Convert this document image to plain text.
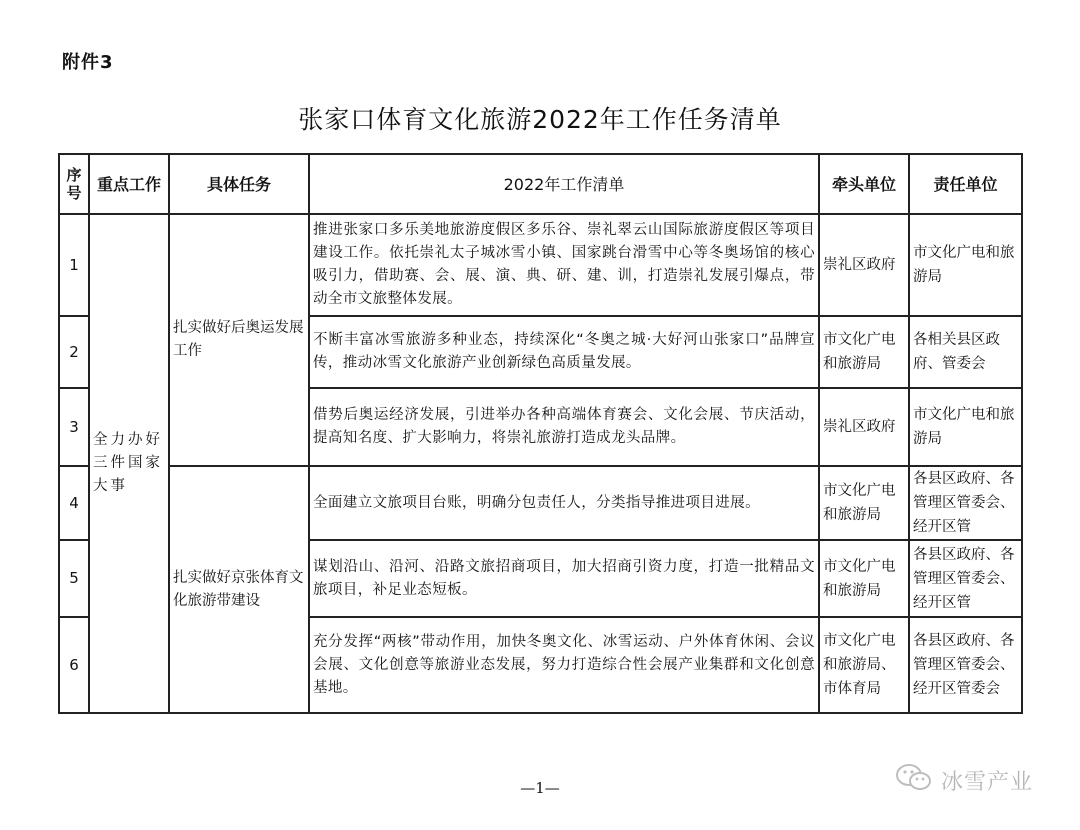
附件3
张家口体育文化旅游2022年工作任务清单
序号	重点工作	具体任务	2022年工作清单	牵头单位	责任单位
1	全力办好三件国家大事	扎实做好后奥运发展工作	推进张家口多乐美地旅游度假区多乐谷、崇礼翠云山国际旅游度假区等项目建设工作。依托崇礼太子城冰雪小镇、国家跳台滑雪中心等冬奥场馆的核心吸引力，借助赛、会、展、演、典、研、建、训，打造崇礼发展引爆点，带动全市文旅整体发展。	崇礼区政府	市文化广电和旅游局
2			不断丰富冰雪旅游多种业态，持续深化“冬奥之城·大好河山张家口”品牌宣传，推动冰雪文化旅游产业创新绿色高质量发展。	市文化广电和旅游局	各相关县区政府、管委会
3			借势后奥运经济发展，引进举办各种高端体育赛会、文化会展、节庆活动，提高知名度、扩大影响力，将崇礼旅游打造成龙头品牌。	崇礼区政府	市文化广电和旅游局
4		扎实做好京张体育文化旅游带建设	全面建立文旅项目台账，明确分包责任人，分类指导推进项目进展。	市文化广电和旅游局	各县区政府、各管理区管委会、经开区管
5			谋划沿山、沿河、沿路文旅招商项目，加大招商引资力度，打造一批精品文旅项目，补足业态短板。	市文化广电和旅游局	各县区政府、各管理区管委会、经开区管
6			充分发挥“两核”带动作用，加快冬奥文化、冰雪运动、户外体育休闲、会议会展、文化创意等旅游业态发展，努力打造综合性会展产业集群和文化创意基地。	市文化广电和旅游局、市体育局	各县区政府、各管理区管委会、经开区管委会
—1—	冰雪产业
